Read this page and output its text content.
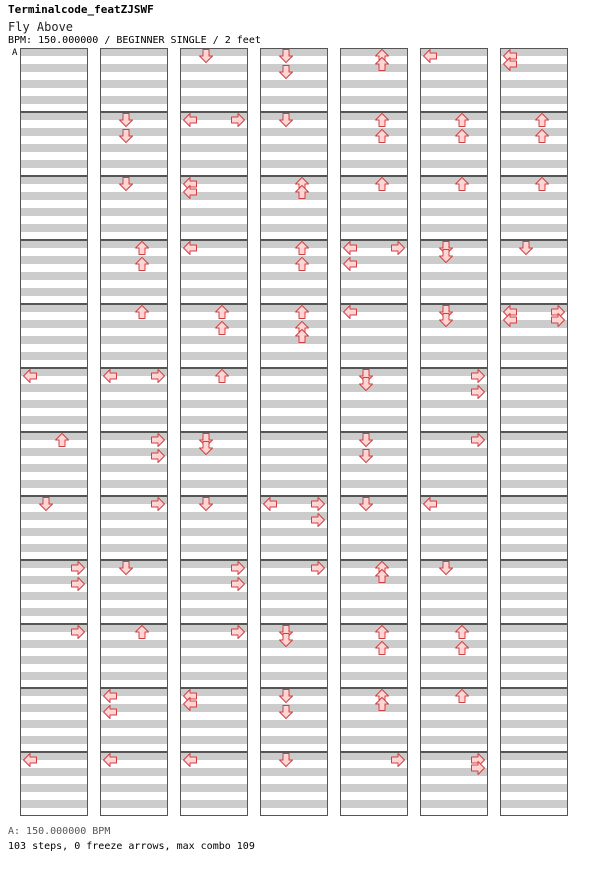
Terminalcode_featZJSWF
Fly Above
BPM: 150.000000 / BEGINNER SINGLE / 2 feet
A
A: 150.000000 BPM
103 steps, 0 freeze arrows, max combo 109
